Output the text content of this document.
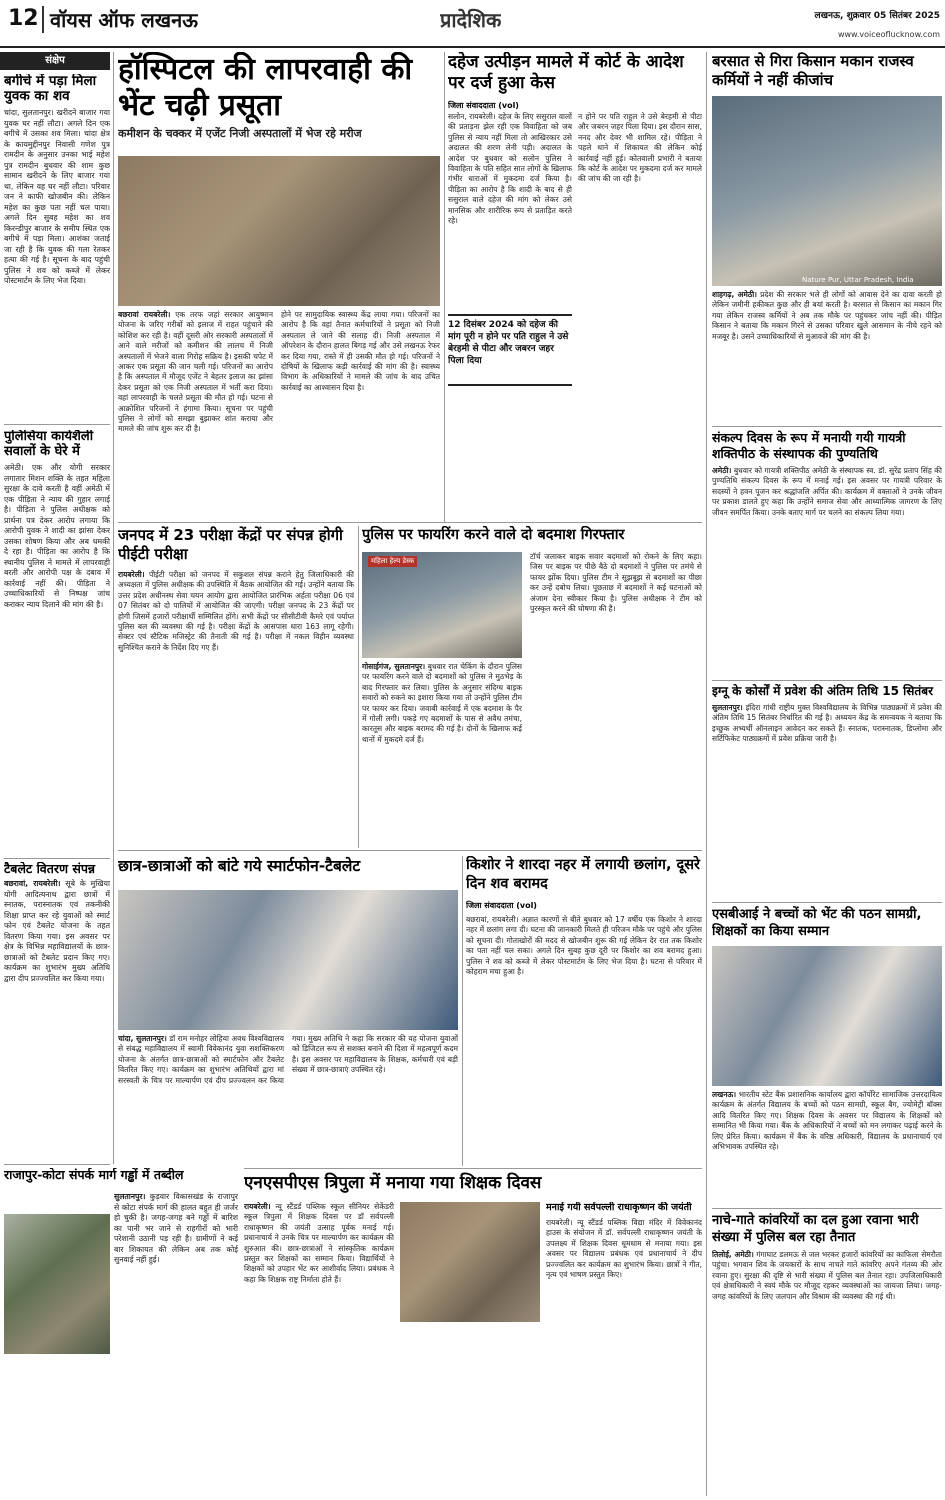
12 वॉयस ऑफ लखनऊ	प्रादेशिक	लखनऊ, शुक्रवार 05 सितंबर 2025
www.voiceoflucknow.com
संक्षेप
बगीचे में पड़ा मिला युवक का शव
चांदा, सुलतानपुर। खरीदने बाजार गया युवक घर नहीं लौटा। अगले दिन एक बगीचे में उसका शव मिला। चांदा क्षेत्र के कायमुद्दीनपुर निवासी गणेश पुत्र रामदीन के अनुसार उनका भाई महेश पुत्र रामदीन बुधवार की शाम कुछ सामान खरीदने के लिए बाजार गया था, लेकिन वह घर नहीं लौटा। परिवार जन ने काफी खोजबीन की। लेकिन महेश का कुछ पता नहीं चल पाया। अगले दिन सुबह महेश का शव किरन्डीपुर बाजार के समीप स्थित एक बगीचे में पड़ा मिला। आशंका जताई जा रही है कि युवक की गला रेतकर हत्या की गई है। सूचना के बाद पहुंची पुलिस ने शव को कब्जे में लेकर पोस्टमार्टम के लिए भेज दिया।
पुलिसिया कार्यशैली सवालों के घेरे में
अमेठी। एक और योगी सरकार लगातार मिशन शक्ति के तहत महिला सुरक्षा के दावे करती है वहीं अमेठी में एक पीड़िता ने न्याय की गुहार लगाई है। पीड़िता ने पुलिस अधीक्षक को प्रार्थना पत्र देकर आरोप लगाया कि आरोपी युवक ने शादी का झांसा देकर उसका शोषण किया और अब धमकी दे रहा है। पीड़िता का आरोप है कि स्थानीय पुलिस ने मामले में लापरवाही बरती और आरोपी पक्ष के दबाव में कार्रवाई नहीं की। पीड़िता ने उच्चाधिकारियों से निष्पक्ष जांच कराकर न्याय दिलाने की मांग की है।
टैबलेट वितरण संपन्न
बछरावां, रायबरेली। सूबे के मुखिया योगी आदित्यनाथ द्वारा छात्रों में स्नातक, परास्नातक एवं तकनीकी शिक्षा प्राप्त कर रहे युवाओं को स्मार्ट फोन एवं टैबलेट योजना के तहत वितरण किया गया। इस अवसर पर क्षेत्र के विभिन्न महाविद्यालयों के छात्र-छात्राओं को टैबलेट प्रदान किए गए। कार्यक्रम का शुभारंभ मुख्य अतिथि द्वारा दीप प्रज्ज्वलित कर किया गया।
राजापुर-कोटा संपर्क मार्ग गड्ढों में तब्दील
सुलतानपुर। कुड़वार विकासखंड के राजापुर से कोटा संपर्क मार्ग की हालत बहुत ही जर्जर हो चुकी है। जगह-जगह बने गड्ढों में बारिश का पानी भर जाने से राहगीरों को भारी परेशानी उठानी पड़ रही है। ग्रामीणों ने कई बार शिकायत की लेकिन अब तक कोई सुनवाई नहीं हुई।
हॉस्पिटल की लापरवाही की भेंट चढ़ी प्रसूता
कमीशन के चक्कर में एजेंट निजी अस्पतालों में भेज रहे मरीज
बछरावां रायबरेली। एक तरफ जहां सरकार आयुष्मान योजना के जरिए गरीबों को इलाज में राहत पहुंचाने की कोशिश कर रही है। वहीं दूसरी ओर सरकारी अस्पतालों में आने वाले मरीजों को कमीशन की लालच में निजी अस्पतालों में भेजने वाला गिरोह सक्रिय है। इसकी चपेट में आकर एक प्रसूता की जान चली गई। परिजनों का आरोप है कि अस्पताल में मौजूद एजेंट ने बेहतर इलाज का झांसा देकर प्रसूता को एक निजी अस्पताल में भर्ती करा दिया। वहां लापरवाही के चलते प्रसूता की मौत हो गई। घटना से आक्रोशित परिजनों ने हंगामा किया। सूचना पर पहुंची पुलिस ने लोगों को समझा बुझाकर शांत कराया और मामले की जांच शुरू कर दी है।
होने पर सामुदायिक स्वास्थ्य केंद्र लाया गया। परिजनों का आरोप है कि वहां तैनात कर्मचारियों ने प्रसूता को निजी अस्पताल ले जाने की सलाह दी। निजी अस्पताल में ऑपरेशन के दौरान हालत बिगड़ गई और उसे लखनऊ रेफर कर दिया गया, रास्ते में ही उसकी मौत हो गई। परिजनों ने दोषियों के खिलाफ कड़ी कार्रवाई की मांग की है। स्वास्थ्य विभाग के अधिकारियों ने मामले की जांच के बाद उचित कार्रवाई का आश्वासन दिया है।
दहेज उत्पीड़न मामले में कोर्ट के आदेश पर दर्ज हुआ केस
जिला संवाददाता (vol)
सलोन, रायबरेली। दहेज के लिए ससुराल वालों की प्रताड़ना झेल रही एक विवाहिता को जब पुलिस से न्याय नहीं मिला तो आखिरकार उसे अदालत की शरण लेनी पड़ी। अदालत के आदेश पर बुधवार को सलोन पुलिस ने विवाहिता के पति सहित सात लोगों के खिलाफ गंभीर धाराओं में मुकदमा दर्ज किया है। पीड़िता का आरोप है कि शादी के बाद से ही ससुराल वाले दहेज की मांग को लेकर उसे मानसिक और शारीरिक रूप से प्रताड़ित करते रहे।
12 दिसंबर 2024 को दहेज की मांग पूरी न होने पर पति राहुल ने उसे बेरहमी से पीटा और जबरन जहर पिला दिया
न होने पर पति राहुल ने उसे बेरहमी से पीटा और जबरन जहर पिला दिया। इस दौरान सास, ननद और देवर भी शामिल रहे। पीड़िता ने पहले थाने में शिकायत की लेकिन कोई कार्रवाई नहीं हुई। कोतवाली प्रभारी ने बताया कि कोर्ट के आदेश पर मुकदमा दर्ज कर मामले की जांच की जा रही है।
बरसात से गिरा किसान मकान राजस्व कर्मियों ने नहीं कीजांच
Nature Pur, Uttar Pradesh, India
शाहगढ़, अमेठी। प्रदेश की सरकार भले ही लोगों को आवास देने का दावा करती हो लेकिन जमीनी हकीकत कुछ और ही बयां करती है। बरसात से किसान का मकान गिर गया लेकिन राजस्व कर्मियों ने अब तक मौके पर पहुंचकर जांच नहीं की। पीड़ित किसान ने बताया कि मकान गिरने से उसका परिवार खुले आसमान के नीचे रहने को मजबूर है। उसने उच्चाधिकारियों से मुआवजे की मांग की है।
संकल्प दिवस के रूप में मनायी गयी गायत्री शक्तिपीठ के संस्थापक की पुण्यतिथि
अमेठी। बुधवार को गायत्री शक्तिपीठ अमेठी के संस्थापक स्व. डॉ. सुरेंद्र प्रताप सिंह की पुण्यतिथि संकल्प दिवस के रूप में मनाई गई। इस अवसर पर गायत्री परिवार के सदस्यों ने हवन पूजन कर श्रद्धांजलि अर्पित की। कार्यक्रम में वक्ताओं ने उनके जीवन पर प्रकाश डालते हुए कहा कि उन्होंने समाज सेवा और आध्यात्मिक जागरण के लिए जीवन समर्पित किया। उनके बताए मार्ग पर चलने का संकल्प लिया गया।
इग्नू के कोर्सों में प्रवेश की अंतिम तिथि 15 सितंबर
सुलतानपुर। इंदिरा गांधी राष्ट्रीय मुक्त विश्वविद्यालय के विभिन्न पाठ्यक्रमों में प्रवेश की अंतिम तिथि 15 सितंबर निर्धारित की गई है। अध्ययन केंद्र के समन्वयक ने बताया कि इच्छुक अभ्यर्थी ऑनलाइन आवेदन कर सकते हैं। स्नातक, परास्नातक, डिप्लोमा और सर्टिफिकेट पाठ्यक्रमों में प्रवेश प्रक्रिया जारी है।
एसबीआई ने बच्चों को भेंट की पठन सामग्री, शिक्षकों का किया सम्मान
लखनऊ। भारतीय स्टेट बैंक प्रशासनिक कार्यालय द्वारा कॉर्पोरेट सामाजिक उत्तरदायित्व कार्यक्रम के अंतर्गत विद्यालय के बच्चों को पठन सामग्री, स्कूल बैग, ज्योमेट्री बॉक्स आदि वितरित किए गए। शिक्षक दिवस के अवसर पर विद्यालय के शिक्षकों को सम्मानित भी किया गया। बैंक के अधिकारियों ने बच्चों को मन लगाकर पढ़ाई करने के लिए प्रेरित किया। कार्यक्रम में बैंक के वरिष्ठ अधिकारी, विद्यालय के प्रधानाचार्य एवं अभिभावक उपस्थित रहे।
नाचे-गाते कांवरियों का दल हुआ रवाना भारी संख्या में पुलिस बल रहा तैनात
तिलोई, अमेठी। गंगाघाट डलमऊ से जल भरकर हजारों कांवरियों का काफिला सेमरौता पहुंचा। भगवान शिव के जयकारों के साथ नाचते गाते कांवरिए अपने गंतव्य की ओर रवाना हुए। सुरक्षा की दृष्टि से भारी संख्या में पुलिस बल तैनात रहा। उपजिलाधिकारी एवं क्षेत्राधिकारी ने स्वयं मौके पर मौजूद रहकर व्यवस्थाओं का जायजा लिया। जगह-जगह कांवरियों के लिए जलपान और विश्राम की व्यवस्था की गई थी।
जनपद में 23 परीक्षा केंद्रों पर संपन्न होगी पीईटी परीक्षा
रायबरेली। पीईटी परीक्षा को जनपद में सकुशल संपन्न कराने हेतु जिलाधिकारी की अध्यक्षता में पुलिस अधीक्षक की उपस्थिति में बैठक आयोजित की गई। उन्होंने बताया कि उत्तर प्रदेश अधीनस्थ सेवा चयन आयोग द्वारा आयोजित प्रारंभिक अर्हता परीक्षा 06 एवं 07 सितंबर को दो पालियों में आयोजित की जाएगी। परीक्षा जनपद के 23 केंद्रों पर होगी जिसमें हजारों परीक्षार्थी सम्मिलित होंगे। सभी केंद्रों पर सीसीटीवी कैमरे एवं पर्याप्त पुलिस बल की व्यवस्था की गई है। परीक्षा केंद्रों के आसपास धारा 163 लागू रहेगी। सेक्टर एवं स्टैटिक मजिस्ट्रेट की तैनाती की गई है। परीक्षा में नकल विहीन व्यवस्था सुनिश्चित कराने के निर्देश दिए गए हैं।
पुलिस पर फायरिंग करने वाले दो बदमाश गिरफ्तार
महिला हेल्प डेस्क
गोसाईगंज, सुलतानपुर। बुधवार रात चेकिंग के दौरान पुलिस पर फायरिंग करने वाले दो बदमाशों को पुलिस ने मुठभेड़ के बाद गिरफ्तार कर लिया। पुलिस के अनुसार संदिग्ध बाइक सवारों को रुकने का इशारा किया गया तो उन्होंने पुलिस टीम पर फायर कर दिया। जवाबी कार्रवाई में एक बदमाश के पैर में गोली लगी। पकड़े गए बदमाशों के पास से अवैध तमंचा, कारतूस और बाइक बरामद की गई है। दोनों के खिलाफ कई थानों में मुकदमे दर्ज हैं।
टॉर्च जलाकर बाइक सवार बदमाशों को रोकने के लिए कहा। जिस पर बाइक पर पीछे बैठे दो बदमाशों ने पुलिस पर तमंचे से फायर झोंक दिया। पुलिस टीम ने सूझबूझ से बदमाशों का पीछा कर उन्हें दबोच लिया। पूछताछ में बदमाशों ने कई घटनाओं को अंजाम देना स्वीकार किया है। पुलिस अधीक्षक ने टीम को पुरस्कृत करने की घोषणा की है।
छात्र-छात्राओं को बांटे गये स्मार्टफोन-टैबलेट
चांदा, सुलतानपुर। डॉ राम मनोहर लोहिया अवध विश्वविद्यालय से संबद्ध महाविद्यालय में स्वामी विवेकानंद युवा सशक्तिकरण योजना के अंतर्गत छात्र-छात्राओं को स्मार्टफोन और टैबलेट वितरित किए गए। कार्यक्रम का शुभारंभ अतिथियों द्वारा मां सरस्वती के चित्र पर माल्यार्पण एवं दीप प्रज्ज्वलन कर किया गया। मुख्य अतिथि ने कहा कि सरकार की यह योजना युवाओं को डिजिटल रूप से सशक्त बनाने की दिशा में महत्वपूर्ण कदम है। इस अवसर पर महाविद्यालय के शिक्षक, कर्मचारी एवं बड़ी संख्या में छात्र-छात्राएं उपस्थित रहे।
किशोर ने शारदा नहर में लगायी छलांग, दूसरे दिन शव बरामद
जिला संवाददाता (vol)
बछरावां, रायबरेली। अज्ञात कारणों से बीते बुधवार को 17 वर्षीय एक किशोर ने शारदा नहर में छलांग लगा दी। घटना की जानकारी मिलते ही परिजन मौके पर पहुंचे और पुलिस को सूचना दी। गोताखोरों की मदद से खोजबीन शुरू की गई लेकिन देर रात तक किशोर का पता नहीं चल सका। अगले दिन सुबह कुछ दूरी पर किशोर का शव बरामद हुआ। पुलिस ने शव को कब्जे में लेकर पोस्टमार्टम के लिए भेज दिया है। घटना से परिवार में कोहराम मचा हुआ है।
एनएसपीएस त्रिपुला में मनाया गया शिक्षक दिवस
रायबरेली। न्यू स्टैंडर्ड पब्लिक स्कूल सीनियर सेकेंडरी स्कूल त्रिपुला में शिक्षक दिवस पर डॉ सर्वपल्ली राधाकृष्णन की जयंती उत्साह पूर्वक मनाई गई। प्रधानाचार्य ने उनके चित्र पर माल्यार्पण कर कार्यक्रम की शुरुआत की। छात्र-छात्राओं ने सांस्कृतिक कार्यक्रम प्रस्तुत कर शिक्षकों का सम्मान किया। विद्यार्थियों ने शिक्षकों को उपहार भेंट कर आशीर्वाद लिया। प्रबंधक ने कहा कि शिक्षक राष्ट्र निर्माता होते हैं।
मनाई गयी सर्वपल्ली राधाकृष्णन की जयंती
रायबरेली। न्यू स्टैंडर्ड पब्लिक विद्या मंदिर में विवेकानंद हाउस के संयोजन में डॉ. सर्वपल्ली राधाकृष्णन जयंती के उपलक्ष्य में शिक्षक दिवस धूमधाम से मनाया गया। इस अवसर पर विद्यालय प्रबंधक एवं प्रधानाचार्य ने दीप प्रज्ज्वलित कर कार्यक्रम का शुभारंभ किया। छात्रों ने गीत, नृत्य एवं भाषण प्रस्तुत किए।
